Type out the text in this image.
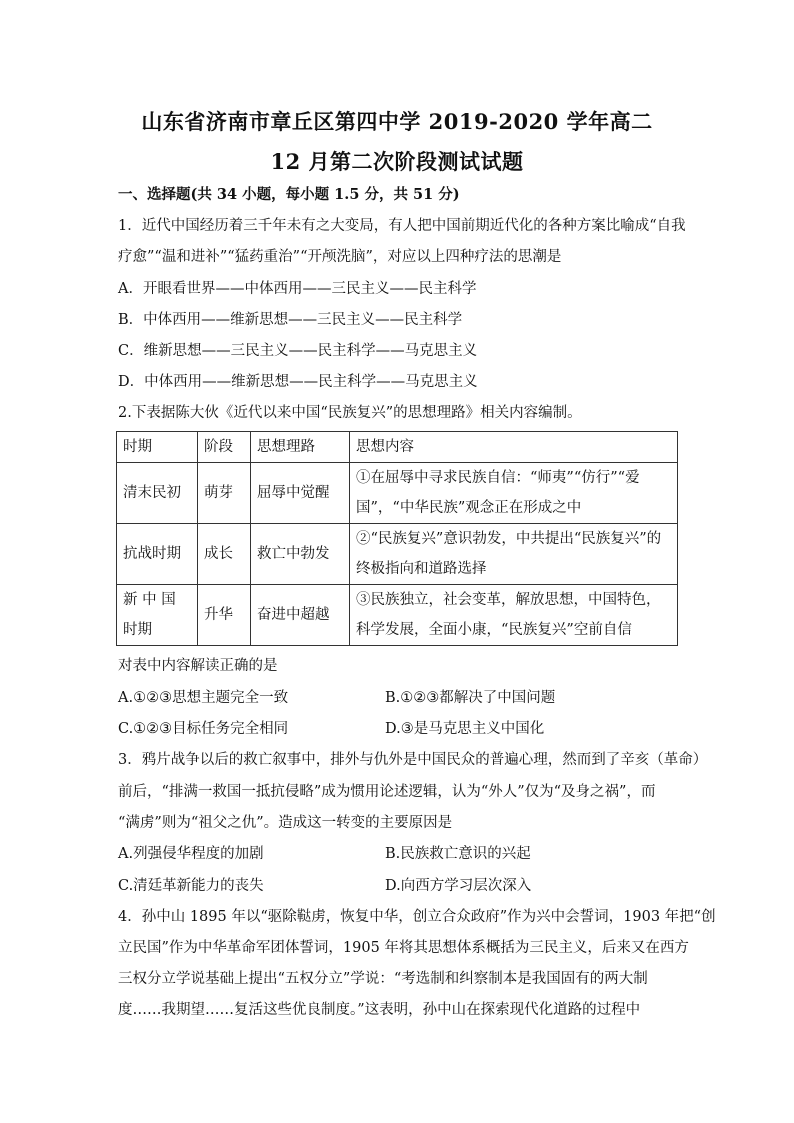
山东省济南市章丘区第四中学 2019-2020 学年高二
12 月第二次阶段测试试题
一、选择题(共 34 小题，每小题 1.5 分，共 51 分)
1．近代中国经历着三千年未有之大变局，有人把中国前期近代化的各种方案比喻成“自我
疗愈”“温和进补”“猛药重治”“开颅洗脑”，对应以上四种疗法的思潮是
A．开眼看世界——中体西用——三民主义——民主科学
B．中体西用——维新思想——三民主义——民主科学
C．维新思想——三民主义——民主科学——马克思主义
D．中体西用——维新思想——民主科学——马克思主义
2.下表据陈大伙《近代以来中国“民族复兴”的思想理路》相关内容编制。
时期	阶段	思想理路	思想内容
清末民初	萌芽	屈辱中觉醒	①在屈辱中寻求民族自信：“师夷”“仿行”“爱国”，“中华民族”观念正在形成之中
抗战时期	成长	救亡中勃发	②“民族复兴”意识勃发，中共提出“民族复兴”的终极指向和道路选择
新 中 国 时期	升华	奋进中超越	③民族独立，社会变革，解放思想，中国特色，科学发展，全面小康，“民族复兴”空前自信
对表中内容解读正确的是
A.①②③思想主题完全一致	B.①②③都解决了中国问题
C.①②③目标任务完全相同	D.③是马克思主义中国化
3．鸦片战争以后的救亡叙事中，排外与仇外是中国民众的普遍心理，然而到了辛亥（革命）
前后，“排满一救国一抵抗侵略”成为惯用论述逻辑，认为“外人”仅为“及身之祸”，而
“满虏”则为“祖父之仇”。造成这一转变的主要原因是
A.列强侵华程度的加剧	B.民族救亡意识的兴起
C.清廷革新能力的丧失	D.向西方学习层次深入
4．孙中山 1895 年以“驱除鞑虏，恢复中华，创立合众政府”作为兴中会誓词，1903 年把“创
立民国”作为中华革命军团体誓词，1905 年将其思想体系概括为三民主义，后来又在西方
三权分立学说基础上提出“五权分立”学说：“考选制和纠察制本是我国固有的两大制
度……我期望……复活这些优良制度。”这表明，孙中山在探索现代化道路的过程中
